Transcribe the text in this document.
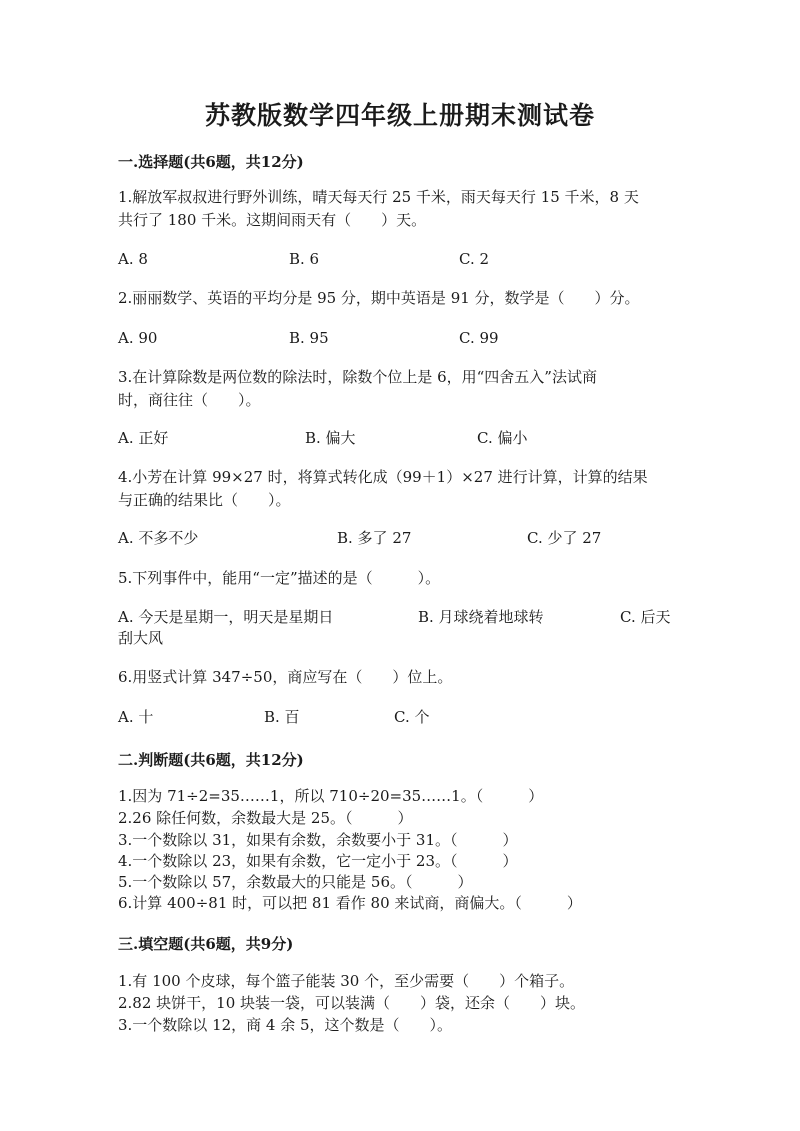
苏教版数学四年级上册期末测试卷
一.选择题(共6题，共12分)
1.解放军叔叔进行野外训练，晴天每天行 25 千米，雨天每天行 15 千米，8 天
共行了 180 千米。这期间雨天有（　　）天。
A. 8	B. 6	C. 2
2.丽丽数学、英语的平均分是 95 分，期中英语是 91 分，数学是（　　）分。
A. 90	B. 95	C. 99
3.在计算除数是两位数的除法时，除数个位上是 6，用“四舍五入”法试商
时，商往往（　　）。
A. 正好	B. 偏大	C. 偏小
4.小芳在计算 99×27 时，将算式转化成（99＋1）×27 进行计算，计算的结果
与正确的结果比（　　）。
A. 不多不少	B. 多了 27	C. 少了 27
5.下列事件中，能用“一定”描述的是（　　　）。
A. 今天是星期一，明天是星期日	B. 月球绕着地球转	C. 后天
刮大风
6.用竖式计算 347÷50，商应写在（　　）位上。
A. 十	B. 百	C. 个
二.判断题(共6题，共12分)
1.因为 71÷2=35……1，所以 710÷20=35……1。（　　　）
2.26 除任何数，余数最大是 25。（　　　）
3.一个数除以 31，如果有余数，余数要小于 31。（　　　）
4.一个数除以 23，如果有余数，它一定小于 23。（　　　）
5.一个数除以 57，余数最大的只能是 56。（　　　）
6.计算 400÷81 时，可以把 81 看作 80 来试商，商偏大。（　　　）
三.填空题(共6题，共9分)
1.有 100 个皮球，每个篮子能装 30 个，至少需要（　　）个箱子。
2.82 块饼干，10 块装一袋，可以装满（　　）袋，还余（　　）块。
3.一个数除以 12，商 4 余 5，这个数是（　　）。
